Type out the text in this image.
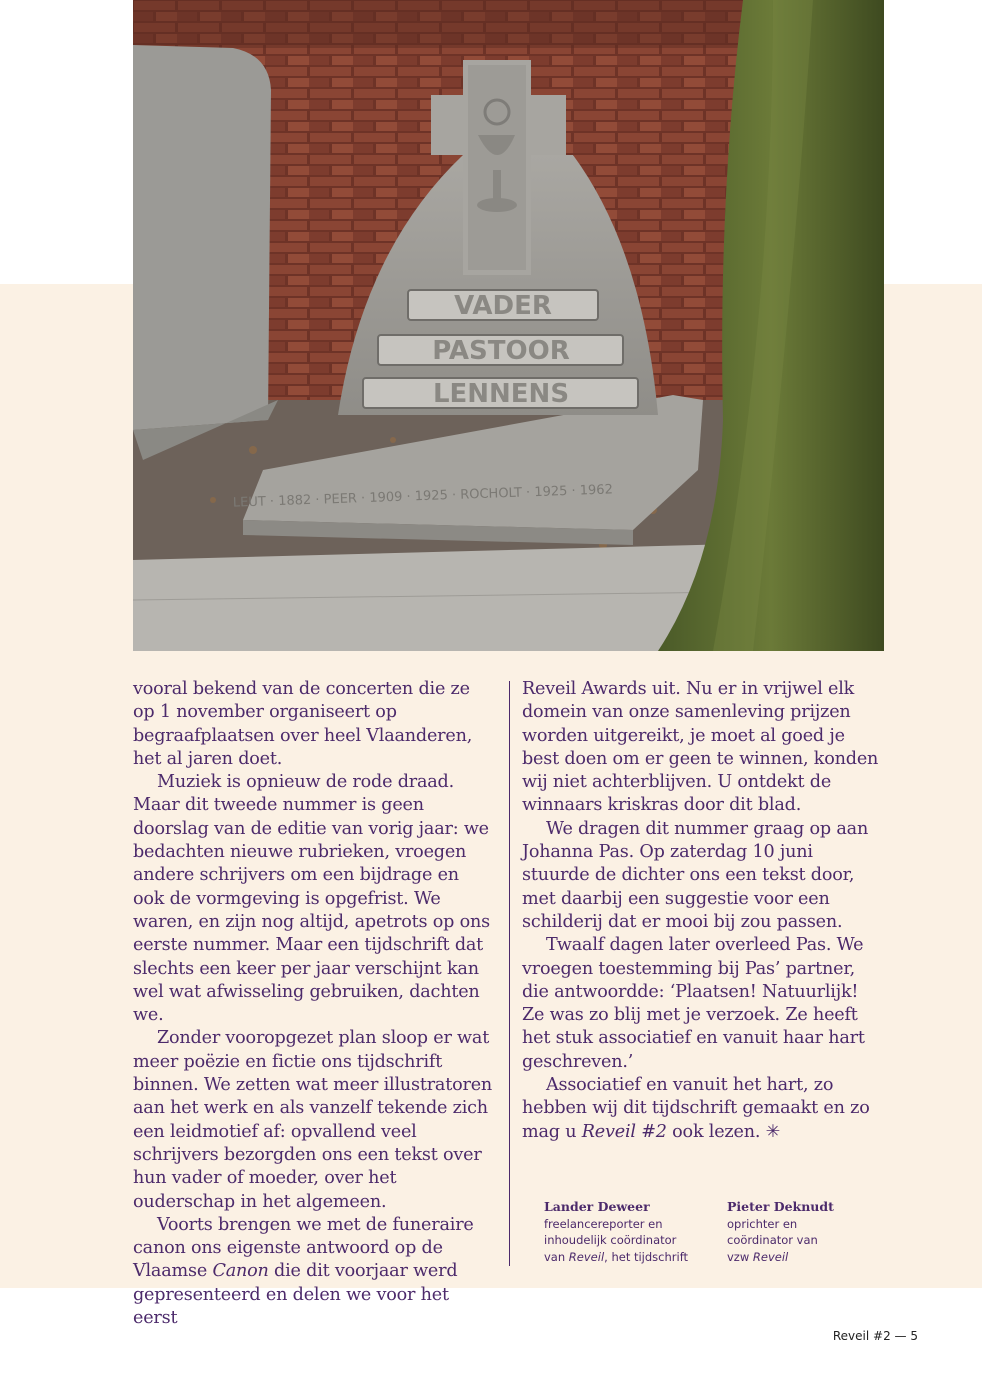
VADER
PASTOOR
LENNENS
LEUT · 1882 · PEER · 1909 · 1925 · ROCHOLT · 1925 · 1962

vooral bekend van de concerten die ze op 1 november organiseert op begraafplaatsen over heel Vlaanderen, het al jaren doet.

Muziek is opnieuw de rode draad. Maar dit tweede nummer is geen doorslag van de editie van vorig jaar: we bedachten nieuwe rubrieken, vroegen andere schrijvers om een bijdrage en ook de vormgeving is opgefrist. We waren, en zijn nog altijd, apetrots op ons eerste nummer. Maar een tijdschrift dat slechts een keer per jaar verschijnt kan wel wat afwisseling gebruiken, dachten we.

Zonder vooropgezet plan sloop er wat meer poëzie en fictie ons tijdschrift binnen. We zetten wat meer illustratoren aan het werk en als vanzelf tekende zich een leidmotief af: opvallend veel schrijvers bezorgden ons een tekst over hun vader of moeder, over het ouderschap in het algemeen.

Voorts brengen we met de funeraire canon ons eigenste antwoord op de Vlaamse Canon die dit voorjaar werd gepresenteerd en delen we voor het eerst

Reveil Awards uit. Nu er in vrijwel elk domein van onze samenleving prijzen worden uitgereikt, je moet al goed je best doen om er geen te winnen, konden wij niet achterblijven. U ontdekt de winnaars kriskras door dit blad.

We dragen dit nummer graag op aan Johanna Pas. Op zaterdag 10 juni stuurde de dichter ons een tekst door, met daarbij een suggestie voor een schilderij dat er mooi bij zou passen.

Twaalf dagen later overleed Pas. We vroegen toestemming bij Pas’ partner, die antwoordde: ‘Plaatsen! Natuurlijk! Ze was zo blij met je verzoek. Ze heeft het stuk associatief en vanuit haar hart geschreven.’

Associatief en vanuit het hart, zo hebben wij dit tijdschrift gemaakt en zo mag u Reveil #2 ook lezen. ✳

Lander Deweer
freelancereporter en
inhoudelijk coördinator
van Reveil, het tijdschrift
Pieter Deknudt
oprichter en
coördinator van
vzw Reveil
Reveil #2 — 5
